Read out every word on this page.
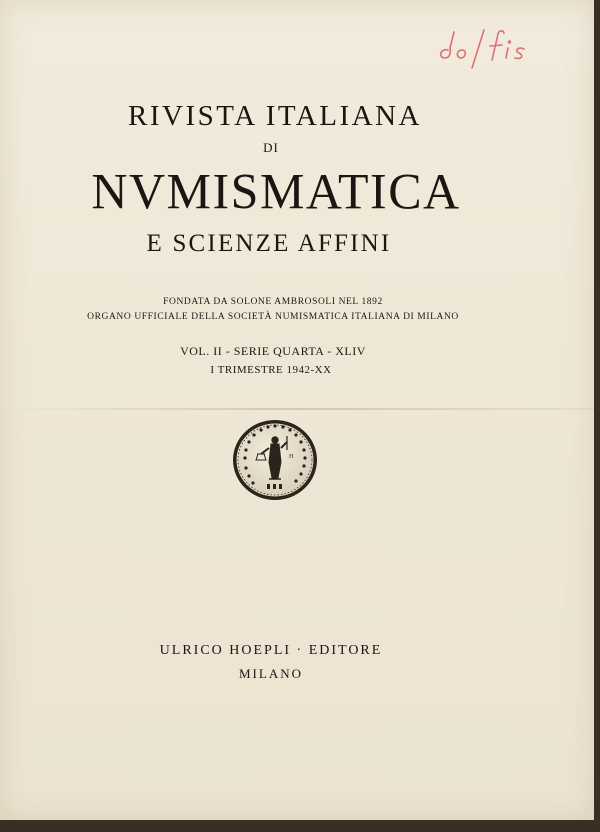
RIVISTA ITALIANA
DI
NVMISMATICA
E SCIENZE AFFINI
FONDATA DA SOLONE AMBROSOLI NEL 1892
ORGANO UFFICIALE DELLA SOCIETÀ NUMISMATICA ITALIANA DI MILANO
VOL. II - SERIE QUARTA - XLIV
I TRIMESTRE 1942-XX
H
ULRICO HOEPLI · EDITORE
MILANO
